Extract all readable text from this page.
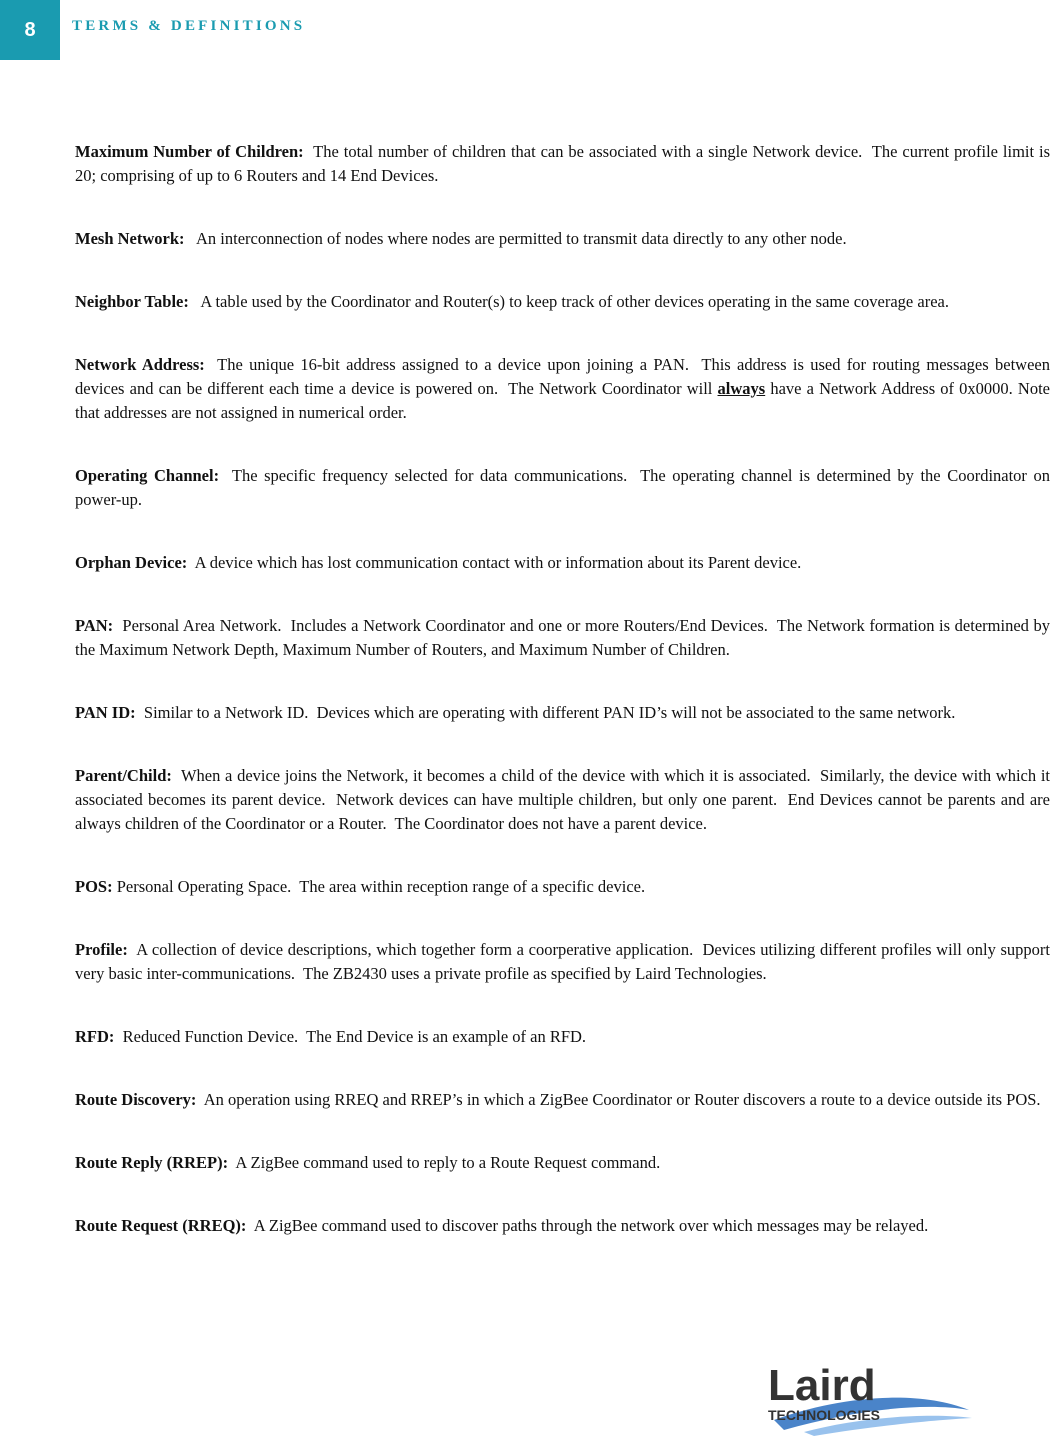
8 TERMS & DEFINITIONS

Maximum Number of Children:  The total number of children that can be associated with a single Network device.  The current profile limit is 20; comprising of up to 6 Routers and 14 End Devices.

Mesh Network:   An interconnection of nodes where nodes are permitted to transmit data directly to any other node.

Neighbor Table:   A table used by the Coordinator and Router(s) to keep track of other devices operating in the same coverage area.

Network Address:  The unique 16-bit address assigned to a device upon joining a PAN.  This address is used for routing messages between devices and can be different each time a device is powered on.  The Network Coordinator will always have a Network Address of 0x0000. Note that addresses are not assigned in numerical order.

Operating Channel:  The specific frequency selected for data communications.  The operating channel is determined by the Coordinator on power-up.

Orphan Device:  A device which has lost communication contact with or information about its Parent device.

PAN:  Personal Area Network.  Includes a Network Coordinator and one or more Routers/End Devices.  The Network formation is determined by the Maximum Network Depth, Maximum Number of Routers, and Maximum Number of Children.

PAN ID:  Similar to a Network ID.  Devices which are operating with different PAN ID’s will not be associated to the same network.

Parent/Child:  When a device joins the Network, it becomes a child of the device with which it is associated.  Similarly, the device with which it associated becomes its parent device.  Network devices can have multiple children, but only one parent.  End Devices cannot be parents and are always children of the Coordinator or a Router.  The Coordinator does not have a parent device.

POS: Personal Operating Space.  The area within reception range of a specific device.

Profile:  A collection of device descriptions, which together form a coorperative application.  Devices utilizing different profiles will only support very basic inter-communications.  The ZB2430 uses a private profile as specified by Laird Technologies.

RFD:  Reduced Function Device.  The End Device is an example of an RFD.

Route Discovery:  An operation using RREQ and RREP’s in which a ZigBee Coordinator or Router discovers a route to a device outside its POS.

Route Reply (RREP):  A ZigBee command used to reply to a Route Request command.

Route Request (RREQ):  A ZigBee command used to discover paths through the network over which messages may be relayed.

Laird
TECHNOLOGIES
